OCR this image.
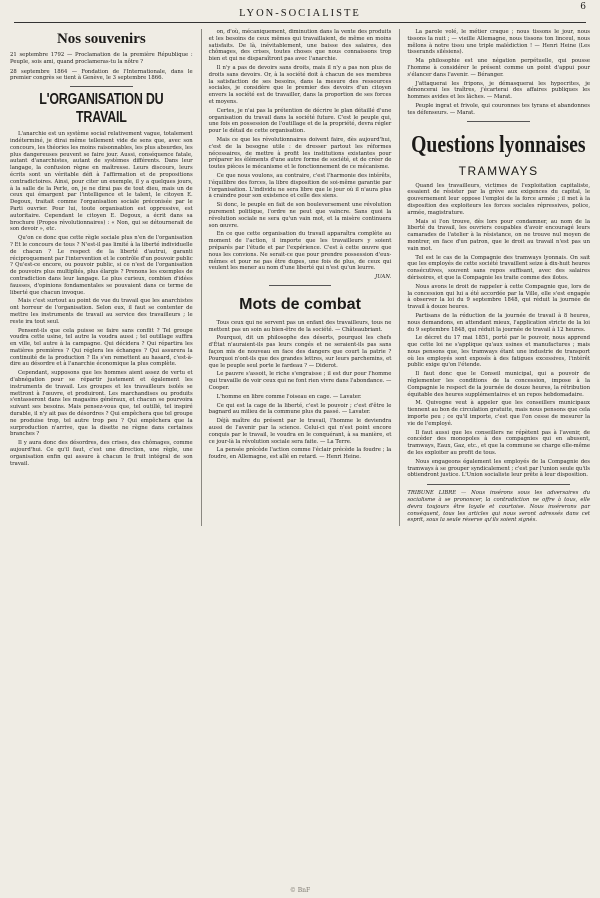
6
LYON-SOCIALISTE
Nos souvenirs
21 septembre 1792 — Proclamation de la première République : Peuple, sois ami, quand proclameras-tu la nôtre ?
28 septembre 1864 — Fondation de l'Internationale, dans le premier congrès se tient à Genève, le 3 septembre 1866.
L'ORGANISATION DU TRAVAIL

L'anarchie est un système social relativement vague, totalement indéterminé, je dirai même tellement vide de sens que, avec son concours, les théories les moins raisonnables, les plus absurdes, les plus dangereuses peuvent se faire jour. Aussi, conséquence fatale, autant d'anarchistes, autant de systèmes différents. Dans leur langage, la confusion règne en maîtresse. Leurs discours, leurs écrits sont un véritable défi à l'affirmation et de propositions contradictoires. Ainsi, pour citer un exemple, il y a quelques jours, à la salle de la Perle, on, je ne dirai pas de tout dieu, mais un de ceux qui émargent par l'intelligence et le talent, le citoyen E. Degoux, traitait comme l'organisation sociale préconisée par le Parti ouvrier. Pour lui, toute organisation est oppressive, est autoritaire. Cependant le citoyen E. Degoux, a écrit dans sa brochure (Propos révolutionnaires) : « Non, qui se détournerait de son devoir », etc.

Qu'on ce donc que cette règle sociale plus n'en de l'organisation ? Et le concours de tous ? N'est-il pas limité à la liberté individuelle de chacun ? Le respect de la liberté d'autrui, garanti réciproquement par l'intervention et le contrôle d'un pouvoir public ? Qu'est-ce encore, ou pouvoir public, si ce n'est de l'organisation de pouvoirs plus multipliés, plus élargis ? Prenons les exemples de contradiction dans leur langage. Le plus curieux, combien d'idées fausses, d'opinions fondamentales se pouvaient dans ce terme de liberté que chacun invoque.

Mais c'est surtout au point de vue du travail que les anarchistes ont horreur de l'organisation. Selon eux, il faut se contenter de mettre les instruments de travail au service des travailleurs ; le reste ira tout seul.

Pensent-ils que cela puisse se faire sans conflit ? Tel groupe voudra cette usine, tel autre la voudra aussi ; tel outillage suffira en ville, tel autre à la campagne. Qui décidera ? Qui répartira les matières premières ? Qui réglera les échanges ? Qui assurera la continuité de la production ? Ils s'en remettent au hasard, c'est-à-dire au désordre et à l'anarchie économique la plus complète.

Cependant, supposons que les hommes aient assez de vertu et d'abnégation pour se répartir justement et également les instruments de travail. Les groupes et les travailleurs isolés se mettront à l'œuvre, et produiront. Les marchandises ou produits s'entasseront dans les magasins généraux, et chacun se pourvoira suivant ses besoins. Mais pensez-vous que, tel outillé, tel inspiré durable, il n'y ait pas de désordres ? Qui empêchera que tel groupe ne produise trop, tel autre trop peu ? Qui empêchera que la surproduction n'arrive, que la disette ne règne dans certaines branches ?

Il y aura donc des désordres, des crises, des chômages, comme aujourd'hui. Ce qu'il faut, c'est une direction, une règle, une organisation enfin qui assure à chacun le fruit intégral de son travail.

on, d'où, mécaniquement, diminution dans la vente des produits et les besoins de ceux mêmes qui travaillaient, de même en moins satisfaits. De là, inévitablement, une baisse des salaires, des chômages, des crises, toutes choses que nous connaissons trop bien et qui ne disparaîtront pas avec l'anarchie.

Il n'y a pas de devoirs sans droits, mais il n'y a pas non plus de droits sans devoirs. Or, à la société doit à chacun de ses membres la satisfaction de ses besoins, dans la mesure des ressources sociales, je considère que le premier des devoirs d'un citoyen envers la société est de travailler, dans la proportion de ses forces et moyens.

Certes, je n'ai pas la prétention de décrire le plan détaillé d'une organisation du travail dans la société future. C'est le peuple qui, une fois en possession de l'outillage et de la propriété, devra régler pour le détail de cette organisation.

Mais ce que les révolutionnaires doivent faire, dès aujourd'hui, c'est de la besogne utile : de dresser partout les réformes nécessaires, de mettre à profit les institutions existantes pour préparer les éléments d'une autre forme de société, et de créer de toutes pièces le mécanisme et le fonctionnement de ce mécanisme.

Ce que nous voulons, au contraire, c'est l'harmonie des intérêts, l'équilibre des forces, la libre disposition de soi-même garantie par l'organisation. L'individu ne sera libre que le jour où il n'aura plus à craindre pour son existence et celle des siens.

Si donc, le peuple en fait de son bouleversement une révolution purement politique, l'ordre ne peut que vaincre. Sans quoi la révolution sociale ne sera qu'un vain mot, et la misère continuera son œuvre.

En ce que cette organisation du travail apparaîtra complète au moment de l'action, il importe que les travailleurs y soient préparés par l'étude et par l'expérience. C'est à cette œuvre que nous les convions. Ne serait-ce que pour prendre possession d'eux-mêmes et pour ne pas être dupes, une fois de plus, de ceux qui veulent les mener au nom d'une liberté qui n'est qu'un leurre.

JUAN.
Mots de combat

Tous ceux qui ne servent pas un enfant des travailleurs, tous ne mettent pas un soin au bien-être de la société. — Châteaubriant.

Pourquoi, dit un philosophe des déserts, pourquoi les chefs d'État n'auraient-ils pas leurs congés et ne seraient-ils pas sans façon mis de nouveau en face des dangers que court la patrie ? Pourquoi n'ont-ils que des grandes lettres, sur leurs parchemins, et que le peuple seul porte le fardeau ? — Diderot.

Le pauvre s'assoit, le riche s'engraisse ; il est dur pour l'homme qui travaille de voir ceux qui ne font rien vivre dans l'abondance. — Cooper.

L'homme en libre comme l'oiseau en cage. — Lavater.

Ce qui est la cage de la liberté, c'est le pouvoir ; c'est d'être le bagnard au milieu de la commune plus du passé. — Lavater.

Déjà maître du présent par le travail, l'homme le deviendra aussi de l'avenir par la science. Celui-ci qui n'est point encore conquis par le travail, le voudra en le conquérant, à sa manière, et ce jour-là la révolution sociale sera faite. — La Terre.

La pensée précède l'action comme l'éclair précède la foudre ; la foudre, en Allemagne, est allé en retard. — Henri Heine.

La parole volé, le métier craque ; nous tissons le jour, nous tissons la nuit ; — vieille Allemagne, nous tissons ton linceul, nous mêlons à notre tissu une triple malédiction ! — Henri Heine (Les tisserands silésiens).

Ma philosophie est une négation perpétuelle, qui pousse l'homme à considérer le présent comme un point d'appui pour s'élancer dans l'avenir. — Béranger.

J'attaquerai les fripons, je démasquerai les hypocrites, je dénoncerai les traîtres, j'écarterai des affaires publiques les hommes avides et les lâches. — Marat.

Peuple ingrat et frivole, qui couronnes tes tyrans et abandonnes tes défenseurs. — Marat.

Questions lyonnaises
TRAMWAYS

Quand les travailleurs, victimes de l'exploitation capitaliste, essaient de résister par la grève aux exigences du capital, le gouvernement leur oppose l'emploi de la force armée ; il met à la disposition des exploiteurs les forces sociales répressives, police, armée, magistrature.

Mais si l'on trouve, dès lors pour condamner, au nom de la liberté du travail, les ouvriers coupables d'avoir encouragé leurs camarades de l'atelier à la résistance, on ne trouve nul moyen de montrer, en face d'un patron, que le droit au travail n'est pas un vain mot.

Tel est le cas de la Compagnie des tramways lyonnais. On sait que les employés de cette société travaillent seize à dix-huit heures consécutives, souvent sans repos suffisant, avec des salaires dérisoires, et que la Compagnie les traite comme des ilotes.

Nous avons le droit de rappeler à cette Compagnie que, lors de la concession qui lui a été accordée par la Ville, elle s'est engagée à observer la loi du 9 septembre 1848, qui réduit la journée de travail à douze heures.

Partisans de la réduction de la journée de travail à 8 heures, nous demandons, en attendant mieux, l'application stricte de la loi du 9 septembre 1848, qui réduit la journée de travail à 12 heures.

Le décret du 17 mai 1851, porté par le pouvoir, nous apprend que cette loi ne s'applique qu'aux usines et manufactures ; mais nous pensons que, les tramways étant une industrie de transport où les employés sont exposés à des fatigues excessives, l'intérêt public exige qu'on l'étende.

Il faut donc que le Conseil municipal, qui a pouvoir de réglementer les conditions de la concession, impose à la Compagnie le respect de la journée de douze heures, la rétribution équitable des heures supplémentaires et un repos hebdomadaire.

M. Quivogne veut à appeler que les conseillers municipaux tiennent au bon de circulation gratuite, mais nous pensons que cela importe peu ; ce qu'il importe, c'est que l'on cesse de mesurer la vie de l'employé.

Il faut aussi que les conseillers ne répètent pas à l'avenir, de concéder des monopoles à des compagnies qui en abusent, tramways, Eaux, Gaz, etc., et que la commune se charge elle-même de les exploiter au profit de tous.

Nous engageons également les employés de la Compagnie des tramways à se grouper syndicalement ; c'est par l'union seule qu'ils obtiendront justice. L'Union socialiste leur prête à leur disposition.

TRIBUNE LIBRE — Nous insérons sous les adversaires du socialisme à se prononcer, la contradiction ne offre à tous, elle devra toujours être loyale et courtoise. Nous insérerons par conséquent, tous les articles qui nous seront adressés dans cet esprit, sous la seule réserve qu'ils soient signés.

© BnF
